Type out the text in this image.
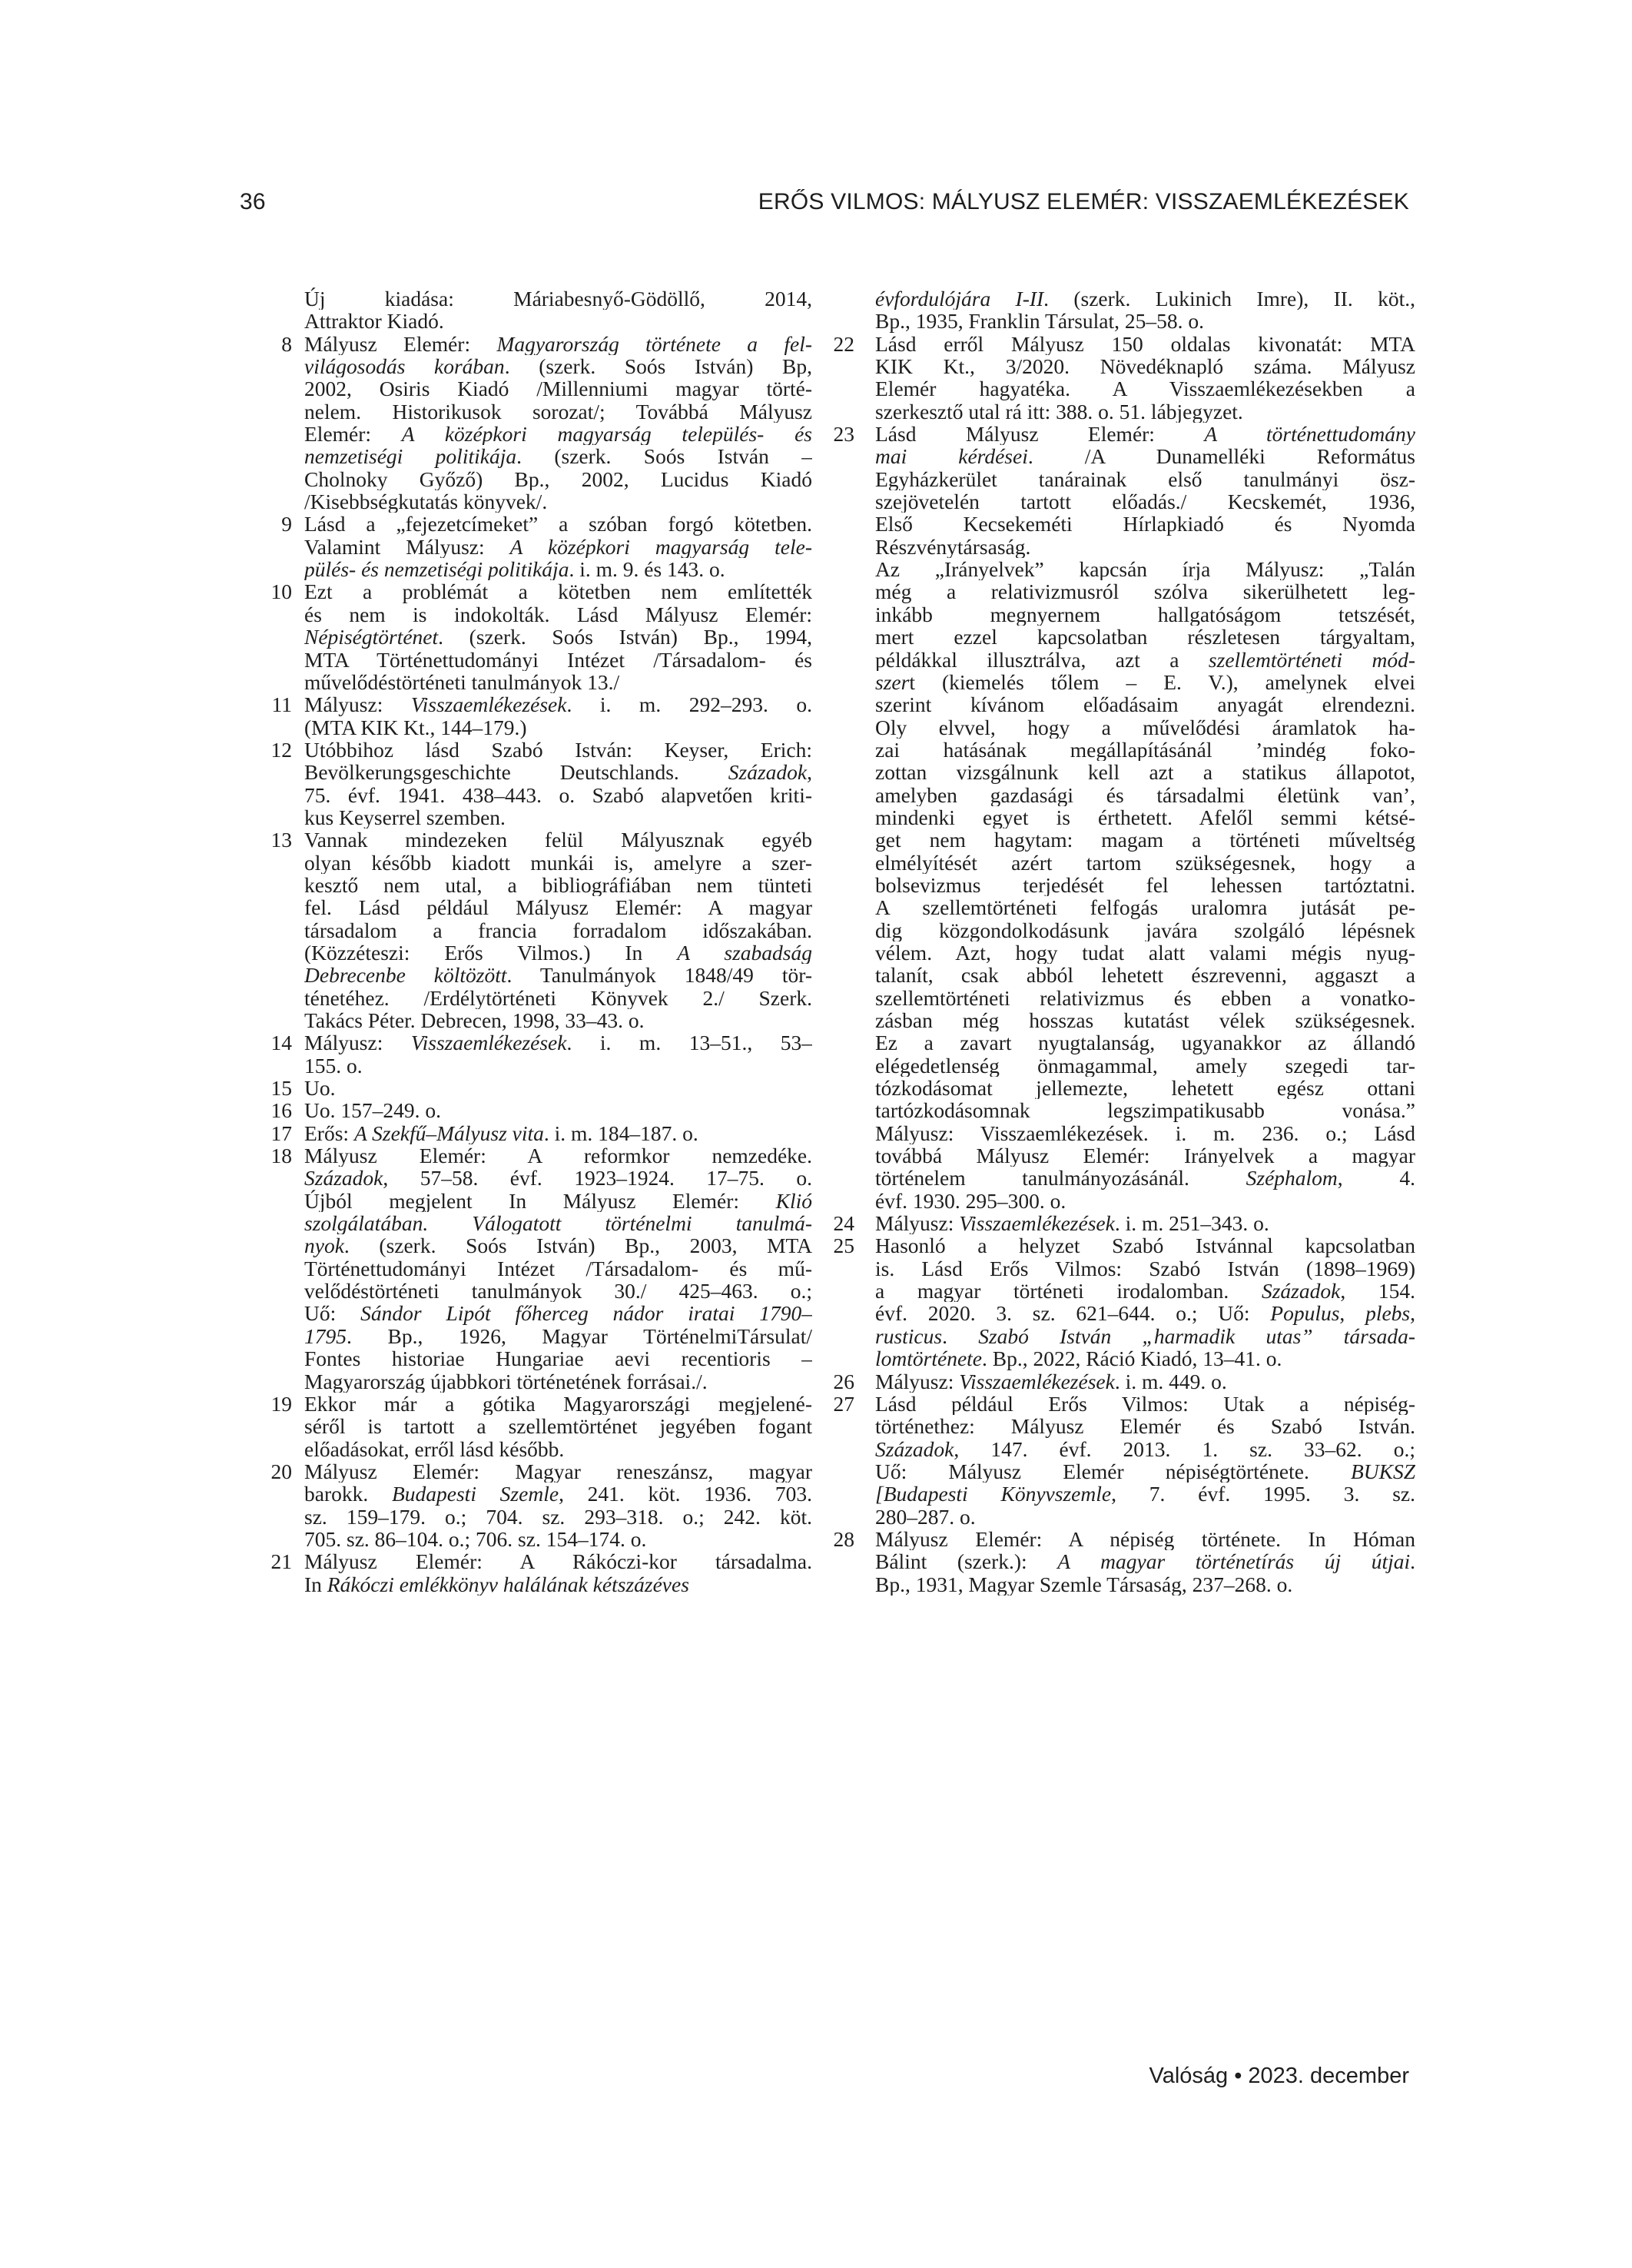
36	ERŐS VILMOS: MÁLYUSZ ELEMÉR: VISSZAEMLÉKEZÉSEK
Új kiadása: Máriabesnyő-Gödöllő, 2014,
Attraktor Kiadó.
8 Mályusz Elemér: Magyarország története a fel-
világosodás korában. (szerk. Soós István) Bp,
2002, Osiris Kiadó /Millenniumi magyar törté-
nelem. Historikusok sorozat/; Továbbá Mályusz
Elemér: A középkori magyarság település- és
nemzetiségi politikája. (szerk. Soós István –
Cholnoky Győző) Bp., 2002, Lucidus Kiadó
/Kisebbségkutatás könyvek/.
9 Lásd a „fejezetcímeket” a szóban forgó kötetben.
Valamint Mályusz: A középkori magyarság tele-
pülés- és nemzetiségi politikája. i. m. 9. és 143. o.
10 Ezt a problémát a kötetben nem említették
és nem is indokolták. Lásd Mályusz Elemér:
Népiségtörténet. (szerk. Soós István) Bp., 1994,
MTA Történettudományi Intézet /Társadalom- és
művelődéstörténeti tanulmányok 13./
11 Mályusz: Visszaemlékezések. i. m. 292–293. o.
(MTA KIK Kt., 144–179.)
12 Utóbbihoz lásd Szabó István: Keyser, Erich:
Bevölkerungsgeschichte Deutschlands. Századok,
75. évf. 1941. 438–443. o. Szabó alapvetően kriti-
kus Keyserrel szemben.
13 Vannak mindezeken felül Mályusznak egyéb
olyan később kiadott munkái is, amelyre a szer-
kesztő nem utal, a bibliográfiában nem tünteti
fel. Lásd például Mályusz Elemér: A magyar
társadalom a francia forradalom időszakában.
(Közzéteszi: Erős Vilmos.) In A szabadság
Debrecenbe költözött. Tanulmányok 1848/49 tör-
ténetéhez. /Erdélytörténeti Könyvek 2./ Szerk.
Takács Péter. Debrecen, 1998, 33–43. o.
14 Mályusz: Visszaemlékezések. i. m. 13–51., 53–
155. o.
15 Uo.
16 Uo. 157–249. o.
17 Erős: A Szekfű–Mályusz vita. i. m. 184–187. o.
18 Mályusz Elemér: A reformkor nemzedéke.
Századok, 57–58. évf. 1923–1924. 17–75. o.
Újból megjelent In Mályusz Elemér: Klió
szolgálatában. Válogatott történelmi tanulmá-
nyok. (szerk. Soós István) Bp., 2003, MTA
Történettudományi Intézet /Társadalom- és mű-
velődéstörténeti tanulmányok 30./ 425–463. o.;
Uő: Sándor Lipót főherceg nádor iratai 1790–
1795. Bp., 1926, Magyar TörténelmiTársulat/
Fontes historiae Hungariae aevi recentioris –
Magyarország újabbkori történetének forrásai./.
19 Ekkor már a gótika Magyarországi megjelené-
séről is tartott a szellemtörténet jegyében fogant
előadásokat, erről lásd később.
20 Mályusz Elemér: Magyar reneszánsz, magyar
barokk. Budapesti Szemle, 241. köt. 1936. 703.
sz. 159–179. o.; 704. sz. 293–318. o.; 242. köt.
705. sz. 86–104. o.; 706. sz. 154–174. o.
21 Mályusz Elemér: A Rákóczi-kor társadalma.
In Rákóczi emlékkönyv halálának kétszázéves
évfordulójára I-II. (szerk. Lukinich Imre), II. köt.,
Bp., 1935, Franklin Társulat, 25–58. o.
22 Lásd erről Mályusz 150 oldalas kivonatát: MTA
KIK Kt., 3/2020. Növedéknapló száma. Mályusz
Elemér hagyatéka. A Visszaemlékezésekben a
szerkesztő utal rá itt: 388. o. 51. lábjegyzet.
23 Lásd Mályusz Elemér: A történettudomány
mai kérdései. /A Dunamelléki Református
Egyházkerület tanárainak első tanulmányi ösz-
szejövetelén tartott előadás./ Kecskemét, 1936,
Első Kecsekeméti Hírlapkiadó és Nyomda
Részvénytársaság.
Az „Irányelvek” kapcsán írja Mályusz: „Talán
még a relativizmusról szólva sikerülhetett leg-
inkább megnyernem hallgatóságom tetszését,
mert ezzel kapcsolatban részletesen tárgyaltam,
példákkal illusztrálva, azt a szellemtörténeti mód-
szert (kiemelés tőlem – E. V.), amelynek elvei
szerint kívánom előadásaim anyagát elrendezni.
Oly elvvel, hogy a művelődési áramlatok ha-
zai hatásának megállapításánál ’mindég foko-
zottan vizsgálnunk kell azt a statikus állapotot,
amelyben gazdasági és társadalmi életünk van’,
mindenki egyet is érthetett. Afelől semmi kétsé-
get nem hagytam: magam a történeti műveltség
elmélyítését azért tartom szükségesnek, hogy a
bolsevizmus terjedését fel lehessen tartóztatni.
A szellemtörténeti felfogás uralomra jutását pe-
dig közgondolkodásunk javára szolgáló lépésnek
vélem. Azt, hogy tudat alatt valami mégis nyug-
talanít, csak abból lehetett észrevenni, aggaszt a
szellemtörténeti relativizmus és ebben a vonatko-
zásban még hosszas kutatást vélek szükségesnek.
Ez a zavart nyugtalanság, ugyanakkor az állandó
elégedetlenség önmagammal, amely szegedi tar-
tózkodásomat jellemezte, lehetett egész ottani
tartózkodásomnak legszimpatikusabb vonása.”
Mályusz: Visszaemlékezések. i. m. 236. o.; Lásd
továbbá Mályusz Elemér: Irányelvek a magyar
történelem tanulmányozásánál. Széphalom, 4.
évf. 1930. 295–300. o.
24 Mályusz: Visszaemlékezések. i. m. 251–343. o.
25 Hasonló a helyzet Szabó Istvánnal kapcsolatban
is. Lásd Erős Vilmos: Szabó István (1898–1969)
a magyar történeti irodalomban. Századok, 154.
évf. 2020. 3. sz. 621–644. o.; Uő: Populus, plebs,
rusticus. Szabó István „harmadik utas” társada-
lomtörténete. Bp., 2022, Ráció Kiadó, 13–41. o.
26 Mályusz: Visszaemlékezések. i. m. 449. o.
27 Lásd például Erős Vilmos: Utak a népiség-
történethez: Mályusz Elemér és Szabó István.
Századok, 147. évf. 2013. 1. sz. 33–62. o.;
Uő: Mályusz Elemér népiségtörténete. BUKSZ
[Budapesti Könyvszemle, 7. évf. 1995. 3. sz.
280–287. o.
28 Mályusz Elemér: A népiség története. In Hóman
Bálint (szerk.): A magyar történetírás új útjai.
Bp., 1931, Magyar Szemle Társaság, 237–268. o.
Valóság • 2023. december
